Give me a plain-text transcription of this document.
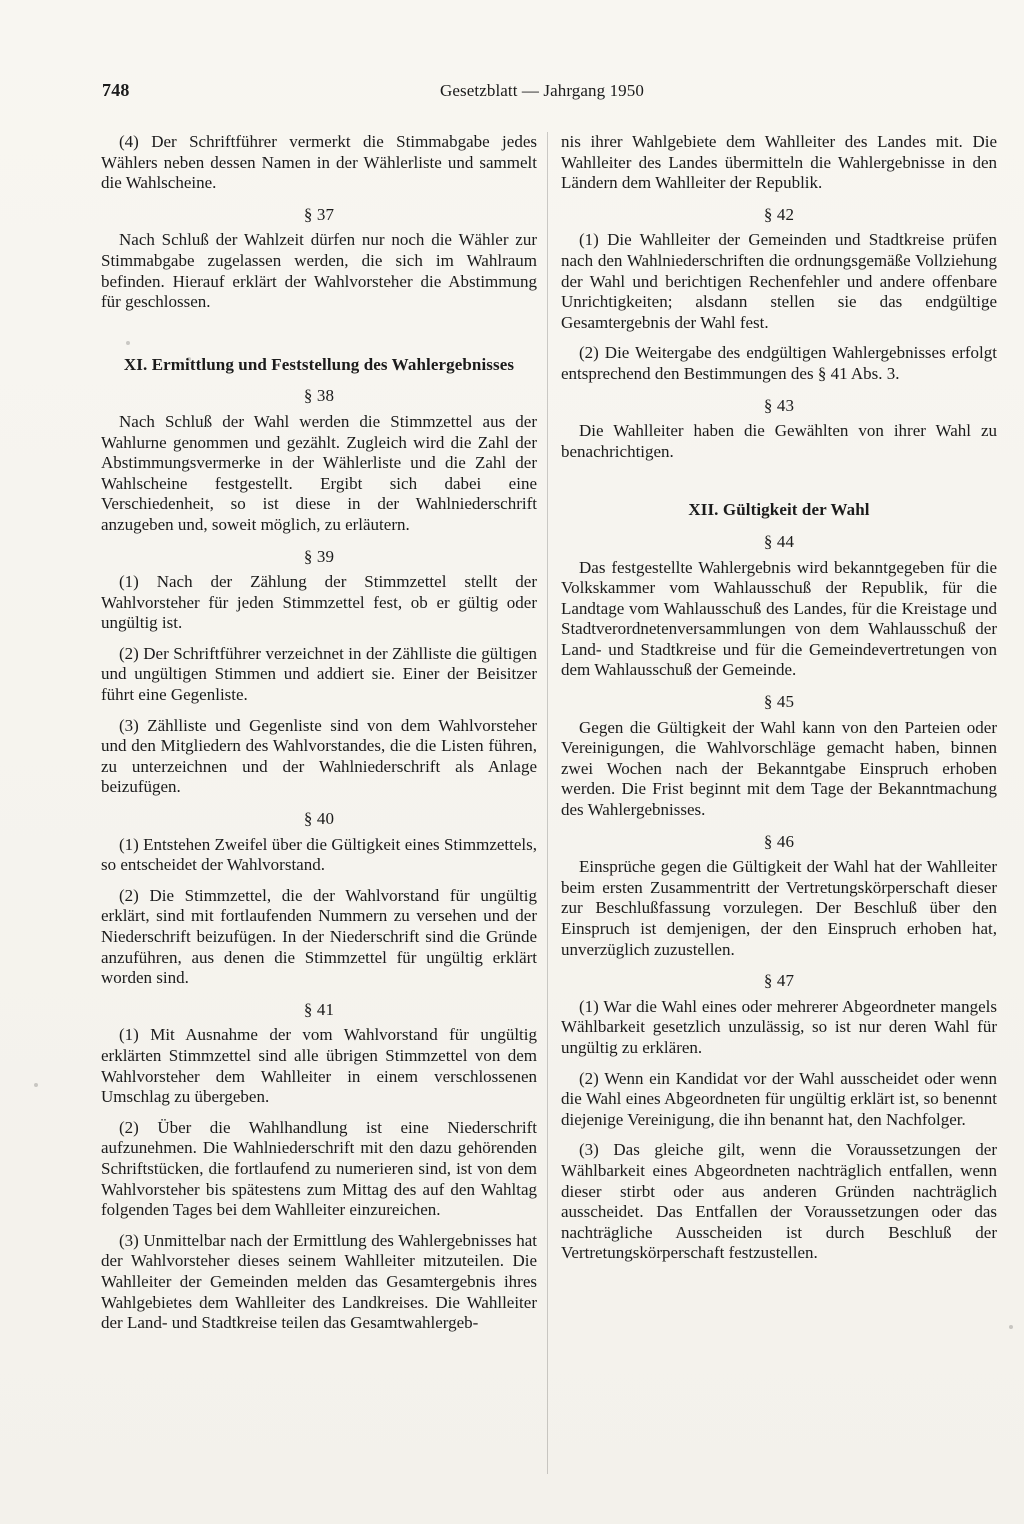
748	Gesetzblatt — Jahrgang 1950

(4) Der Schriftführer vermerkt die Stimmabgabe jedes Wählers neben dessen Namen in der Wählerliste und sammelt die Wahlscheine.

§ 37

Nach Schluß der Wahlzeit dürfen nur noch die Wähler zur Stimmabgabe zugelassen werden, die sich im Wahlraum befinden. Hierauf erklärt der Wahlvorsteher die Abstimmung für geschlossen.

XI. Ermittlung und Feststellung des Wahlergebnisses
§ 38

Nach Schluß der Wahl werden die Stimmzettel aus der Wahlurne genommen und gezählt. Zugleich wird die Zahl der Abstimmungsvermerke in der Wählerliste und die Zahl der Wahlscheine festgestellt. Ergibt sich dabei eine Verschiedenheit, so ist diese in der Wahlniederschrift anzugeben und, soweit möglich, zu erläutern.

§ 39

(1) Nach der Zählung der Stimmzettel stellt der Wahlvorsteher für jeden Stimmzettel fest, ob er gültig oder ungültig ist.

(2) Der Schriftführer verzeichnet in der Zählliste die gültigen und ungültigen Stimmen und addiert sie. Einer der Beisitzer führt eine Gegenliste.

(3) Zählliste und Gegenliste sind von dem Wahlvorsteher und den Mitgliedern des Wahlvorstandes, die die Listen führen, zu unterzeichnen und der Wahlniederschrift als Anlage beizufügen.

§ 40

(1) Entstehen Zweifel über die Gültigkeit eines Stimmzettels, so entscheidet der Wahlvorstand.

(2) Die Stimmzettel, die der Wahlvorstand für ungültig erklärt, sind mit fortlaufenden Nummern zu versehen und der Niederschrift beizufügen. In der Niederschrift sind die Gründe anzuführen, aus denen die Stimmzettel für ungültig erklärt worden sind.

§ 41

(1) Mit Ausnahme der vom Wahlvorstand für ungültig erklärten Stimmzettel sind alle übrigen Stimmzettel von dem Wahlvorsteher dem Wahlleiter in einem verschlossenen Umschlag zu übergeben.

(2) Über die Wahlhandlung ist eine Niederschrift aufzunehmen. Die Wahlniederschrift mit den dazu gehörenden Schriftstücken, die fortlaufend zu numerieren sind, ist von dem Wahlvorsteher bis spätestens zum Mittag des auf den Wahltag folgenden Tages bei dem Wahlleiter einzureichen.

(3) Unmittelbar nach der Ermittlung des Wahlergebnisses hat der Wahlvorsteher dieses seinem Wahlleiter mitzuteilen. Die Wahlleiter der Gemeinden melden das Gesamtergebnis ihres Wahlgebietes dem Wahlleiter des Landkreises. Die Wahlleiter der Land- und Stadtkreise teilen das Gesamtwahlergeb-

nis ihrer Wahlgebiete dem Wahlleiter des Landes mit. Die Wahlleiter des Landes übermitteln die Wahlergebnisse in den Ländern dem Wahlleiter der Republik.

§ 42

(1) Die Wahlleiter der Gemeinden und Stadtkreise prüfen nach den Wahlniederschriften die ordnungsgemäße Vollziehung der Wahl und berichtigen Rechenfehler und andere offenbare Unrichtigkeiten; alsdann stellen sie das endgültige Gesamtergebnis der Wahl fest.

(2) Die Weitergabe des endgültigen Wahlergebnisses erfolgt entsprechend den Bestimmungen des § 41 Abs. 3.

§ 43

Die Wahlleiter haben die Gewählten von ihrer Wahl zu benachrichtigen.

XII. Gültigkeit der Wahl
§ 44

Das festgestellte Wahlergebnis wird bekanntgegeben für die Volkskammer vom Wahlausschuß der Republik, für die Landtage vom Wahlausschuß des Landes, für die Kreistage und Stadtverordnetenversammlungen von dem Wahlausschuß der Land- und Stadtkreise und für die Gemeindevertretungen von dem Wahlausschuß der Gemeinde.

§ 45

Gegen die Gültigkeit der Wahl kann von den Parteien oder Vereinigungen, die Wahlvorschläge gemacht haben, binnen zwei Wochen nach der Bekanntgabe Einspruch erhoben werden. Die Frist beginnt mit dem Tage der Bekanntmachung des Wahlergebnisses.

§ 46

Einsprüche gegen die Gültigkeit der Wahl hat der Wahlleiter beim ersten Zusammentritt der Vertretungskörperschaft dieser zur Beschlußfassung vorzulegen. Der Beschluß über den Einspruch ist demjenigen, der den Einspruch erhoben hat, unverzüglich zuzustellen.

§ 47

(1) War die Wahl eines oder mehrerer Abgeordneter mangels Wählbarkeit gesetzlich unzulässig, so ist nur deren Wahl für ungültig zu erklären.

(2) Wenn ein Kandidat vor der Wahl ausscheidet oder wenn die Wahl eines Abgeordneten für ungültig erklärt ist, so benennt diejenige Vereinigung, die ihn benannt hat, den Nachfolger.

(3) Das gleiche gilt, wenn die Voraussetzungen der Wählbarkeit eines Abgeordneten nachträglich entfallen, wenn dieser stirbt oder aus anderen Gründen nachträglich ausscheidet. Das Entfallen der Voraussetzungen oder das nachträgliche Ausscheiden ist durch Beschluß der Vertretungskörperschaft festzustellen.
